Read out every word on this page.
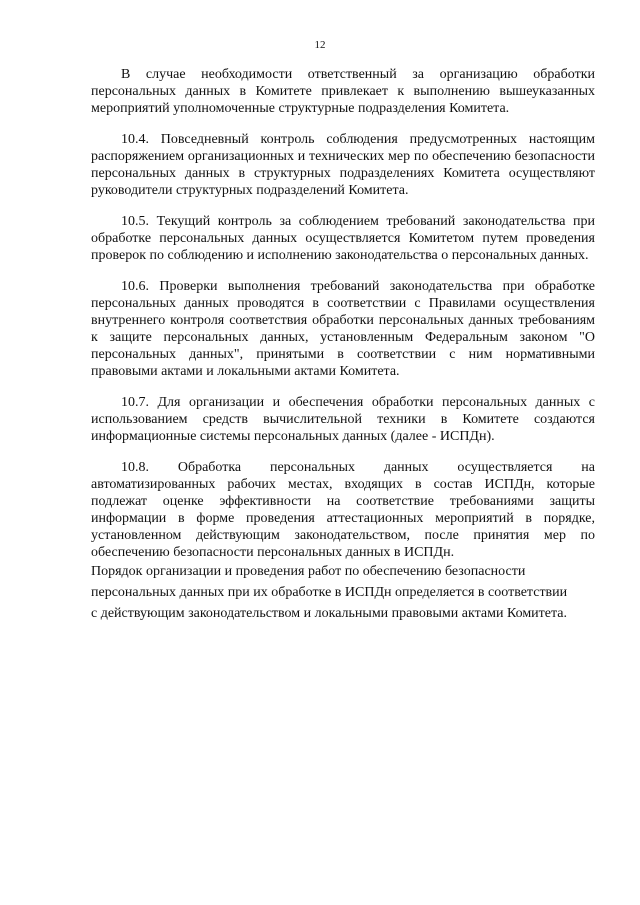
12

В случае необходимости ответственный за организацию обработки персональных данных в Комитете привлекает к выполнению вышеуказанных мероприятий уполномоченные структурные подразделения Комитета.

10.4. Повседневный контроль соблюдения предусмотренных настоящим распоряжением организационных и технических мер по обеспечению безопасности персональных данных в структурных подразделениях Комитета осуществляют руководители структурных подразделений Комитета.

10.5. Текущий контроль за соблюдением требований законодательства при обработке персональных данных осуществляется Комитетом путем проведения проверок по соблюдению и исполнению законодательства о персональных данных.

10.6. Проверки выполнения требований законодательства при обработке персональных данных проводятся в соответствии с Правилами осуществления внутреннего контроля соответствия обработки персональных данных требованиям к защите персональных данных, установленным Федеральным законом "О персональных данных", принятыми в соответствии с ним нормативными правовыми актами и локальными актами Комитета.

10.7. Для организации и обеспечения обработки персональных данных с использованием средств вычислительной техники в Комитете создаются информационные системы персональных данных (далее - ИСПДн).

10.8. Обработка персональных данных осуществляется на автоматизированных рабочих местах, входящих в состав ИСПДн, которые подлежат оценке эффективности на соответствие требованиями защиты информации в форме проведения аттестационных мероприятий в порядке, установленном действующим законодательством, после принятия мер по обеспечению безопасности персональных данных в ИСПДн.

Порядок организации и проведения работ по обеспечению безопасности персональных данных при их обработке в ИСПДн определяется в соответствии с действующим законодательством и локальными правовыми актами Комитета.
